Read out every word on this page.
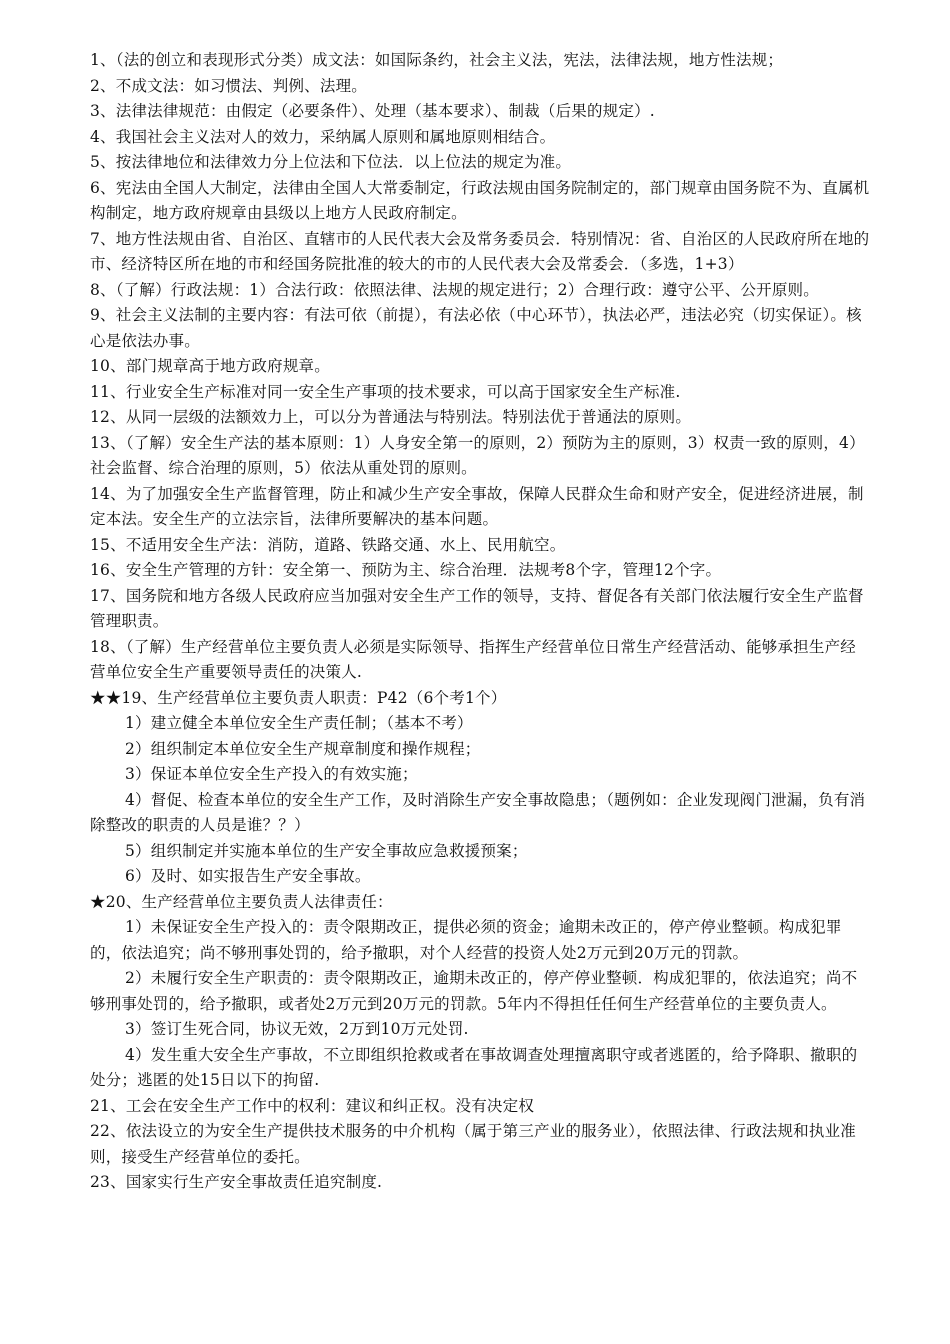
1、（法的创立和表现形式分类）成文法：如国际条约，社会主义法，宪法，法律法规，地方性法规；

2、不成文法：如习惯法、判例、法理。

3、法律法律规范：由假定（必要条件）、处理（基本要求）、制裁（后果的规定）.

4、我国社会主义法对人的效力，采纳属人原则和属地原则相结合。

5、按法律地位和法律效力分上位法和下位法．以上位法的规定为准。

6、宪法由全国人大制定，法律由全国人大常委制定，行政法规由国务院制定的，部门规章由国务院不为、直属机构制定，地方政府规章由县级以上地方人民政府制定。

7、地方性法规由省、自治区、直辖市的人民代表大会及常务委员会．特别情况：省、自治区的人民政府所在地的市、经济特区所在地的市和经国务院批准的较大的市的人民代表大会及常委会．（多选，1+3）

8、（了解）行政法规：1）合法行政：依照法律、法规的规定进行；2）合理行政：遵守公平、公开原则。

9、社会主义法制的主要内容：有法可依（前提），有法必依（中心环节），执法必严，违法必究（切实保证）。核心是依法办事。

10、部门规章高于地方政府规章。

11、行业安全生产标准对同一安全生产事项的技术要求，可以高于国家安全生产标准.

12、从同一层级的法额效力上，可以分为普通法与特别法。特别法优于普通法的原则。

13、（了解）安全生产法的基本原则：1）人身安全第一的原则，2）预防为主的原则，3）权责一致的原则，4）社会监督、综合治理的原则，5）依法从重处罚的原则。

14、为了加强安全生产监督管理，防止和减少生产安全事故，保障人民群众生命和财产安全，促进经济进展，制定本法。安全生产的立法宗旨，法律所要解决的基本问题。

15、不适用安全生产法：消防，道路、铁路交通、水上、民用航空。

16、安全生产管理的方针：安全第一、预防为主、综合治理．法规考8个字，管理12个字。

17、国务院和地方各级人民政府应当加强对安全生产工作的领导，支持、督促各有关部门依法履行安全生产监督管理职责。

18、（了解）生产经营单位主要负责人必须是实际领导、指挥生产经营单位日常生产经营活动、能够承担生产经营单位安全生产重要领导责任的决策人.

★★19、生产经营单位主要负责人职责：P42（6个考1个）

1）建立健全本单位安全生产责任制；（基本不考）

2）组织制定本单位安全生产规章制度和操作规程；

3）保证本单位安全生产投入的有效实施；

4）督促、检查本单位的安全生产工作，及时消除生产安全事故隐患；（题例如：企业发现阀门泄漏，负有消除整改的职责的人员是谁？？）

5）组织制定并实施本单位的生产安全事故应急救援预案；

6）及时、如实报告生产安全事故。

★20、生产经营单位主要负责人法律责任：

1）未保证安全生产投入的：责令限期改正，提供必须的资金；逾期未改正的，停产停业整顿。构成犯罪的，依法追究；尚不够刑事处罚的，给予撤职，对个人经营的投资人处2万元到20万元的罚款。

2）未履行安全生产职责的：责令限期改正，逾期未改正的，停产停业整顿．构成犯罪的，依法追究；尚不够刑事处罚的，给予撤职，或者处2万元到20万元的罚款。5年内不得担任任何生产经营单位的主要负责人。

3）签订生死合同，协议无效，2万到10万元处罚.

4）发生重大安全生产事故，不立即组织抢救或者在事故调查处理擅离职守或者逃匿的，给予降职、撤职的处分；逃匿的处15日以下的拘留.

21、工会在安全生产工作中的权利：建议和纠正权。没有决定权

22、依法设立的为安全生产提供技术服务的中介机构（属于第三产业的服务业），依照法律、行政法规和执业准则，接受生产经营单位的委托。

23、国家实行生产安全事故责任追究制度.
